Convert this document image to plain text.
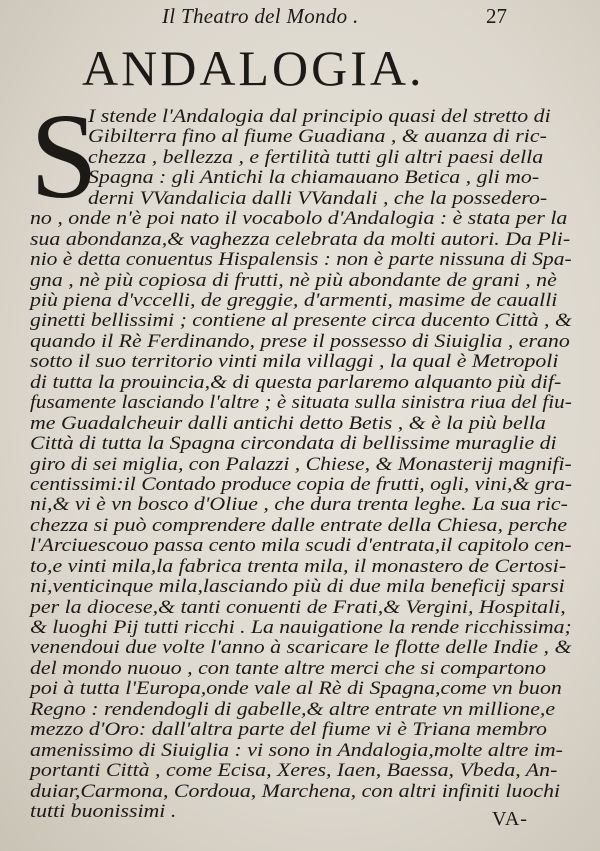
Il Theatro del Mondo .	27
ANDALOGIA.
S
I stende l'Andalogia dal principio quasi del stretto di
Gibilterra fino al fiume Guadiana , & auanza di ric-
chezza , bellezza , e fertilità tutti gli altri paesi della
Spagna : gli Antichi la chiamauano Betica , gli mo-
derni VVandalicia dalli VVandali , che la possedero-
no , onde n'è poi nato il vocabolo d'Andalogia : è stata per la
sua abondanza,& vaghezza celebrata da molti autori. Da Pli-
nio è detta conuentus Hispalensis : non è parte nissuna di Spa-
gna , nè più copiosa di frutti, nè più abondante de grani , nè
più piena d'vccelli, de greggie, d'armenti, masime de caualli
ginetti bellissimi ; contiene al presente circa ducento Città , &
quando il Rè Ferdinando, prese il possesso di Siuiglia , erano
sotto il suo territorio vinti mila villaggi , la qual è Metropoli
di tutta la prouincia,& di questa parlaremo alquanto più dif-
fusamente lasciando l'altre ; è situata sulla sinistra riua del fiu-
me Guadalcheuir dalli antichi detto Betis , & è la più bella
Città di tutta la Spagna circondata di bellissime muraglie di
giro di sei miglia, con Palazzi , Chiese, & Monasterij magnifi-
centissimi:il Contado produce copia de frutti, ogli, vini,& gra-
ni,& vi è vn bosco d'Oliue , che dura trenta leghe. La sua ric-
chezza si può comprendere dalle entrate della Chiesa, perche
l'Arciuescouo passa cento mila scudi d'entrata,il capitolo cen-
to,e vinti mila,la fabrica trenta mila, il monastero de Certosi-
ni,venticinque mila,lasciando più di due mila beneficij sparsi
per la diocese,& tanti conuenti de Frati,& Vergini, Hospitali,
& luoghi Pij tutti ricchi . La nauigatione la rende ricchissima;
venendoui due volte l'anno à scaricare le flotte delle Indie , &
del mondo nuouo , con tante altre merci che si compartono
poi à tutta l'Europa,onde vale al Rè di Spagna,come vn buon
Regno : rendendogli di gabelle,& altre entrate vn millione,e
mezzo d'Oro: dall'altra parte del fiume vi è Triana membro
amenissimo di Siuiglia : vi sono in Andalogia,molte altre im-
portanti Città , come Ecisa, Xeres, Iaen, Baessa, Vbeda, An-
duiar,Carmona, Cordoua, Marchena, con altri infiniti luochi
tutti buonissimi .	VA-
